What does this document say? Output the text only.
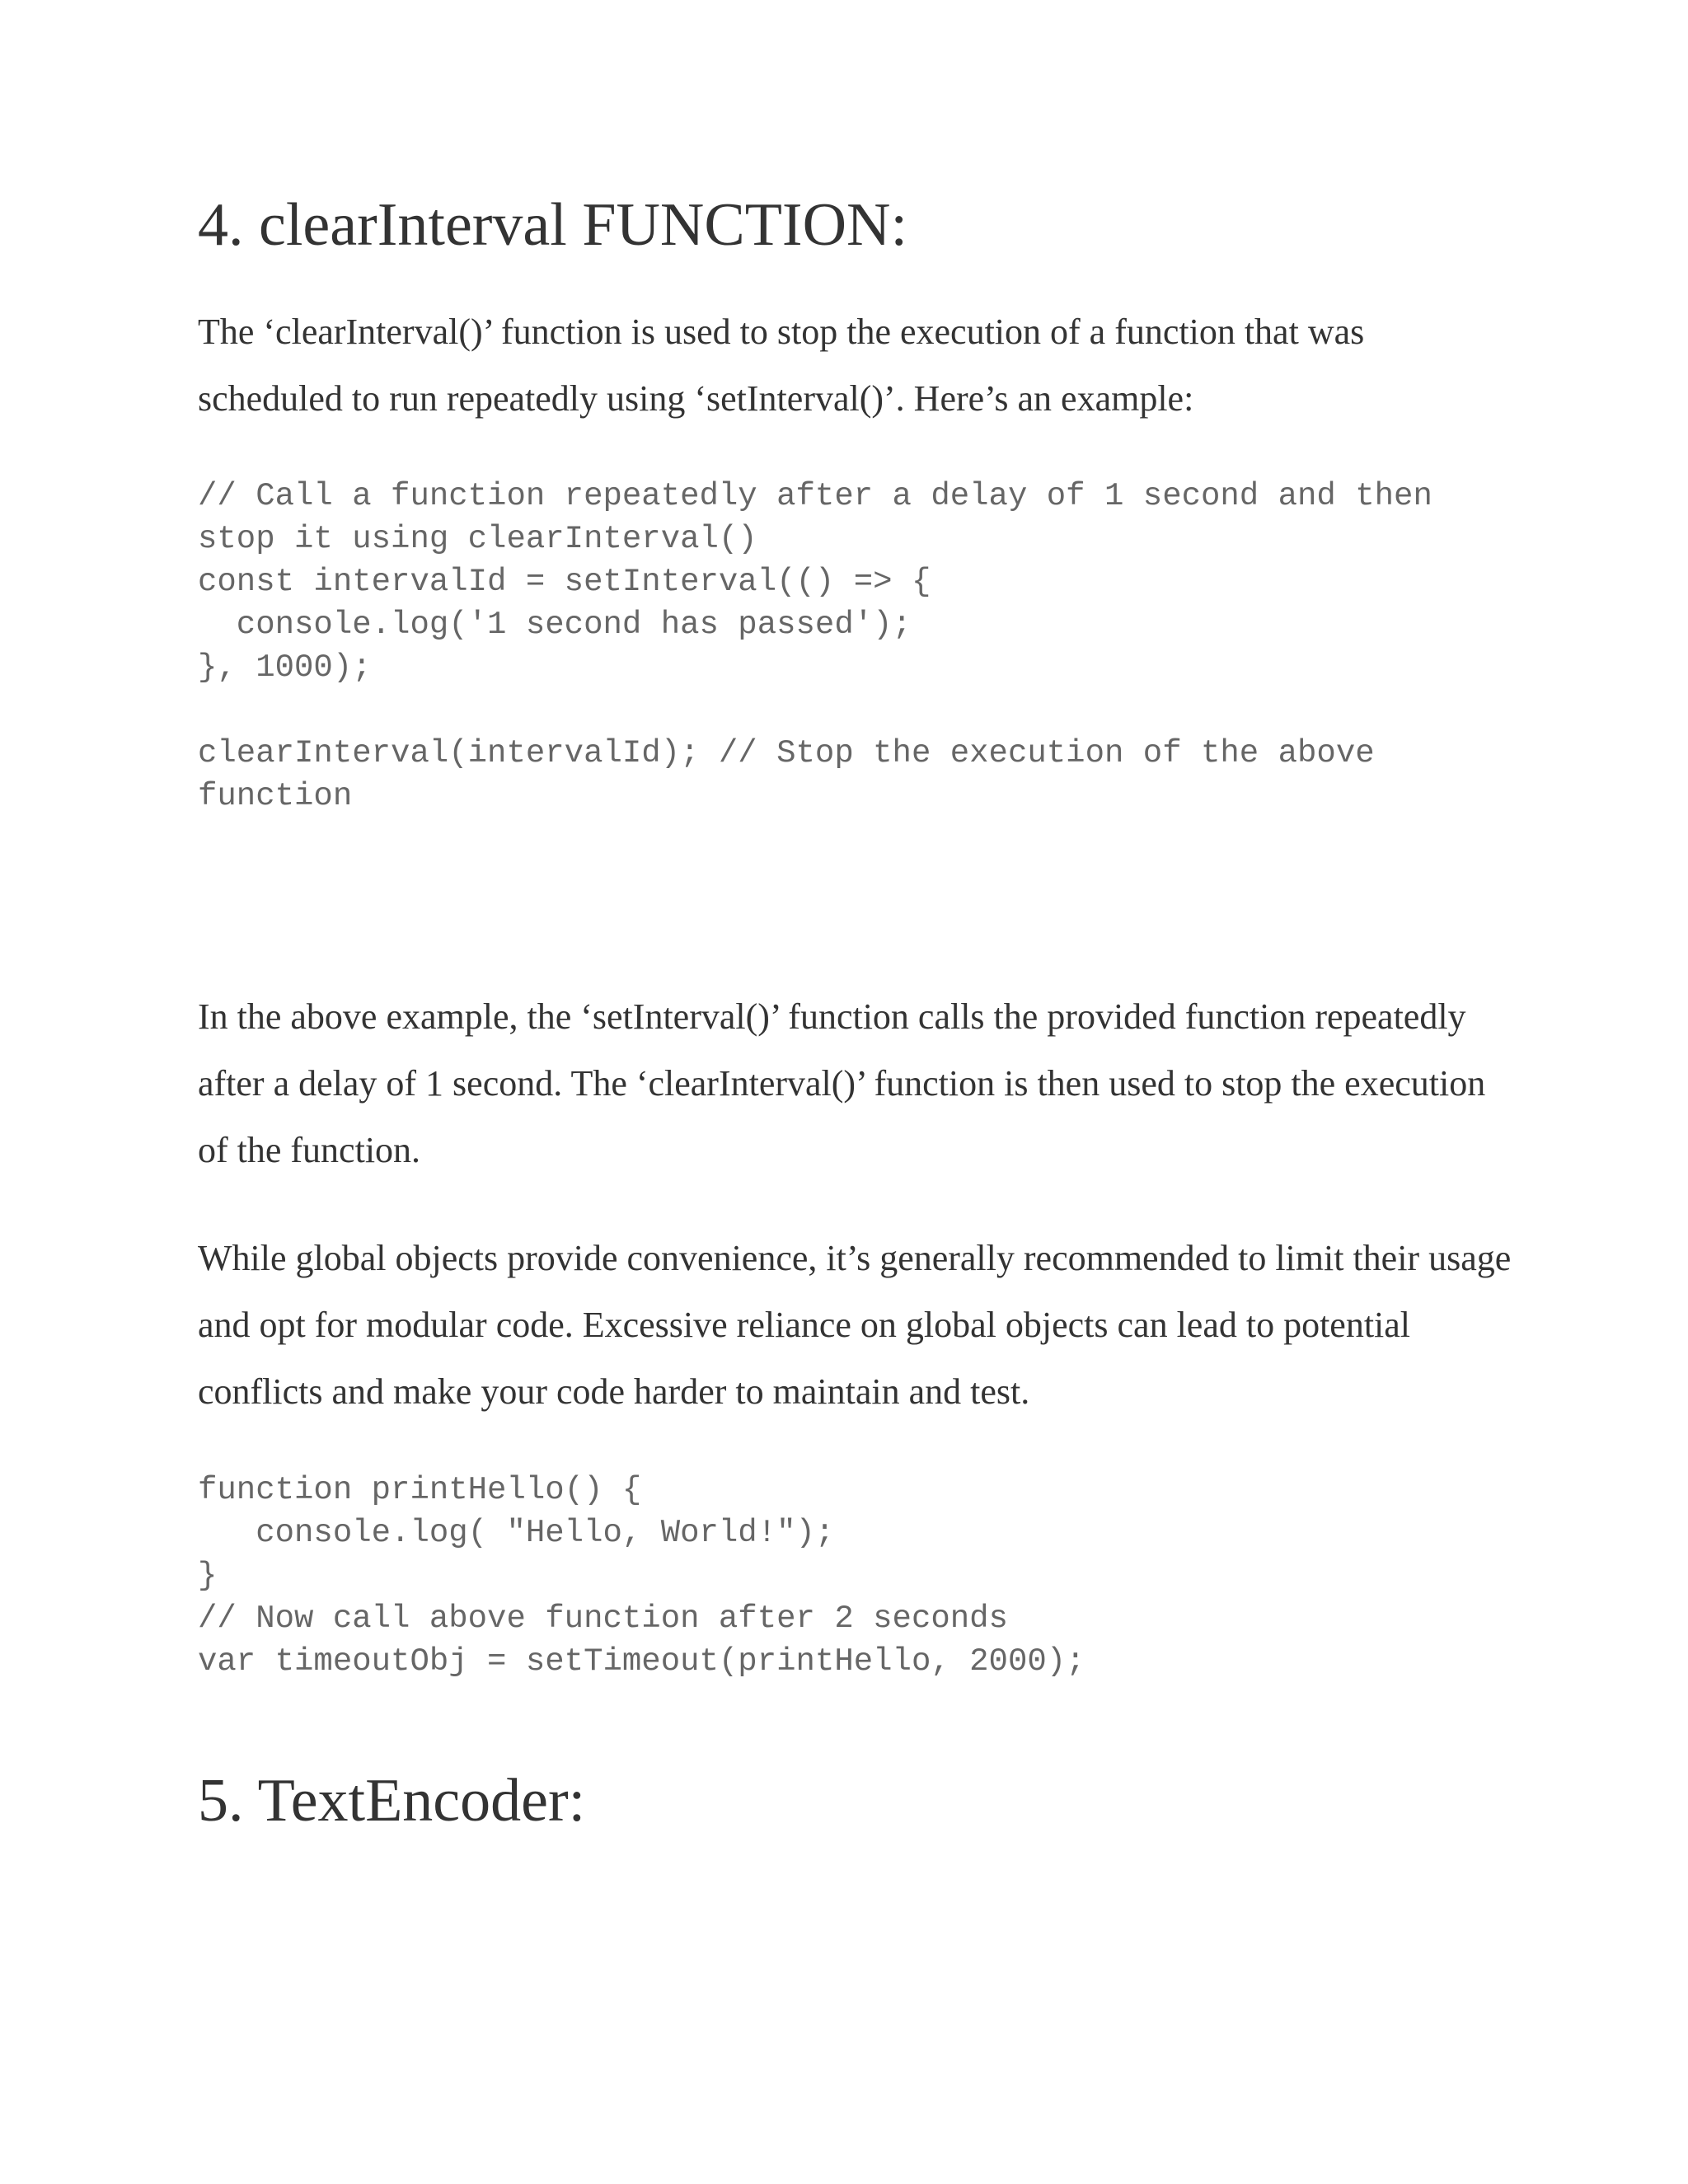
4. clearInterval FUNCTION:

The ‘clearInterval()’ function is used to stop the execution of a function that was scheduled to run repeatedly using ‘setInterval()’. Here’s an example:

// Call a function repeatedly after a delay of 1 second and then
stop it using clearInterval()
const intervalId = setInterval(() => {
console.log('1 second has passed');
}, 1000);
clearInterval(intervalId); // Stop the execution of the above
function

In the above example, the ‘setInterval()’ function calls the provided function repeatedly after a delay of 1 second. The ‘clearInterval()’ function is then used to stop the execution of the function.

While global objects provide convenience, it’s generally recommended to limit their usage and opt for modular code. Excessive reliance on global objects can lead to potential conflicts and make your code harder to maintain and test.

function printHello() {
console.log( "Hello, World!");
}
// Now call above function after 2 seconds
var timeoutObj = setTimeout(printHello, 2000);
5. TextEncoder:
